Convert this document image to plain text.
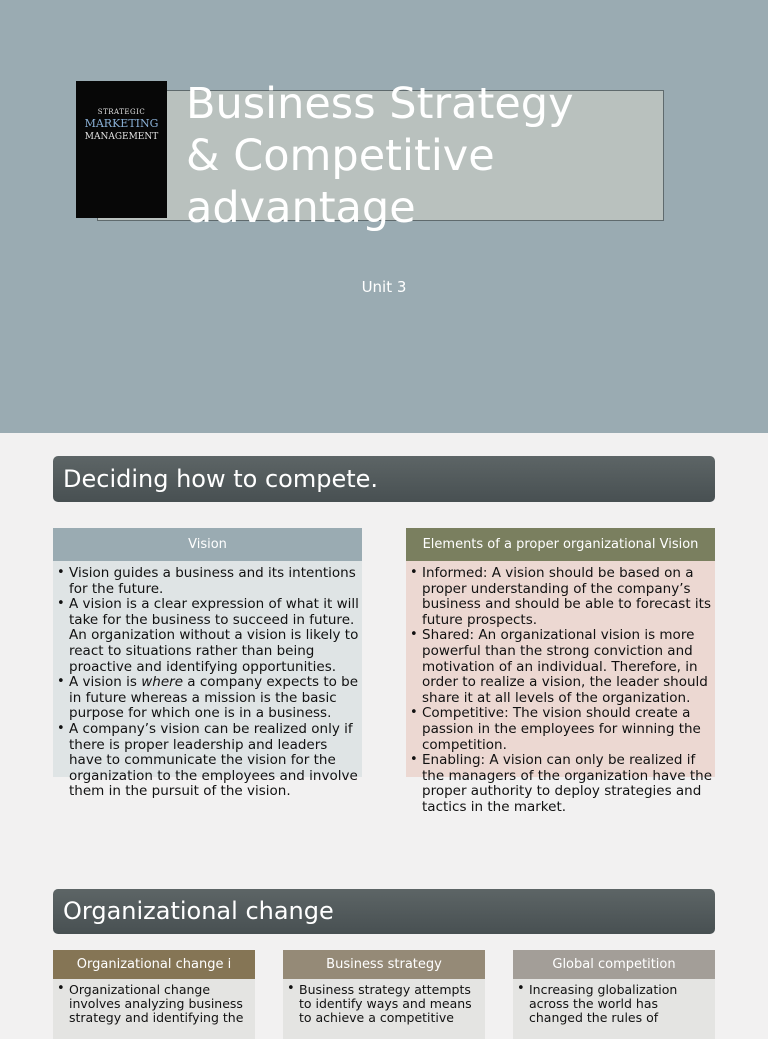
STRATEGIC
MARKETING
MANAGEMENT
Business Strategy
& Competitive
advantage
Unit 3
Deciding how to compete.
Vision
• Vision guides a business and its intentions for the future.
• A vision is a clear expression of what it will take for the business to succeed in future. An organization without a vision is likely to react to situations rather than being proactive and identifying opportunities.
• A vision is where a company expects to be in future whereas a mission is the basic purpose for which one is in a business.
• A company’s vision can be realized only if there is proper leadership and leaders have to communicate the vision for the organization to the employees and involve them in the pursuit of the vision.
Elements of a proper organizational Vision
• Informed: A vision should be based on a proper understanding of the company’s business and should be able to forecast its future prospects.
• Shared: An organizational vision is more powerful than the strong conviction and motivation of an individual. Therefore, in order to realize a vision, the leader should share it at all levels of the organization.
• Competitive: The vision should create a passion in the employees for winning the competition.
• Enabling: A vision can only be realized if the managers of the organization have the proper authority to deploy strategies and tactics in the market.
Organizational change
Organizational change i
• Organizational change involves analyzing business strategy and identifying the
Business strategy
• Business strategy attempts to identify ways and means to achieve a competitive
Global competition
• Increasing globalization across the world has changed the rules of
